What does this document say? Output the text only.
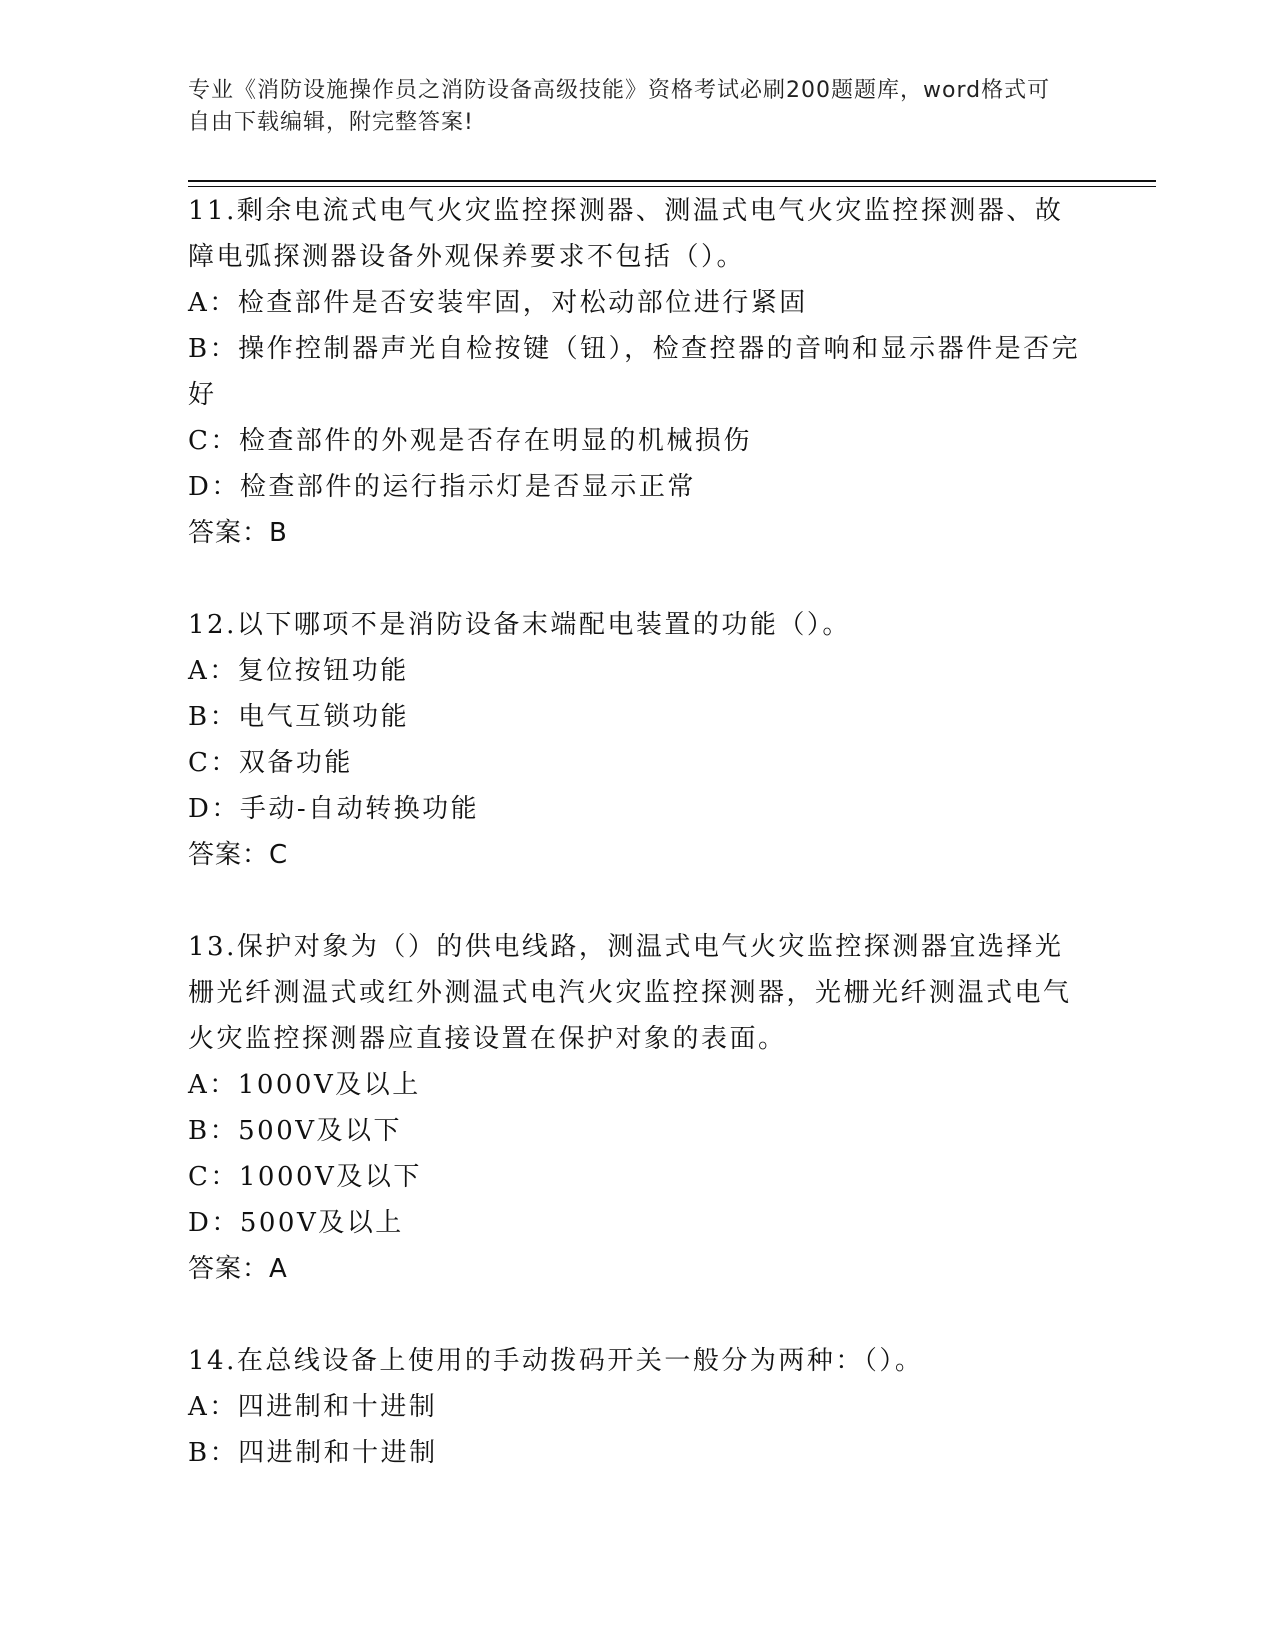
专业《消防设施操作员之消防设备高级技能》资格考试必刷200题题库，word格式可自由下载编辑，附完整答案!
11.剩余电流式电气火灾监控探测器、测温式电气火灾监控探测器、故障电弧探测器设备外观保养要求不包括（）。
A：检查部件是否安装牢固，对松动部位进行紧固
B：操作控制器声光自检按键（钮），检查控器的音响和显示器件是否完好
C：检查部件的外观是否存在明显的机械损伤
D：检查部件的运行指示灯是否显示正常
答案：B
12.以下哪项不是消防设备末端配电装置的功能（）。
A：复位按钮功能
B：电气互锁功能
C：双备功能
D：手动-自动转换功能
答案：C
13.保护对象为（）的供电线路，测温式电气火灾监控探测器宜选择光栅光纤测温式或红外测温式电汽火灾监控探测器，光栅光纤测温式电气火灾监控探测器应直接设置在保护对象的表面。
A：1000V及以上
B：500V及以下
C：1000V及以下
D：500V及以上
答案：A
14.在总线设备上使用的手动拨码开关一般分为两种：（）。
A：四进制和十进制
B：四进制和十进制
